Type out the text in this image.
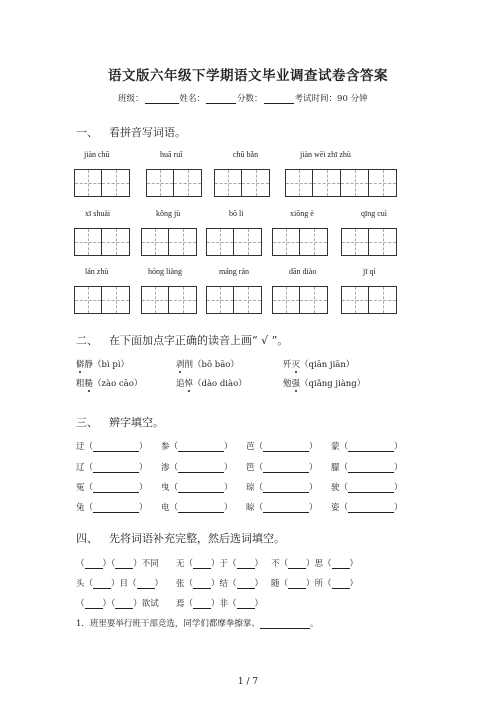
语文版六年级下学期语文毕业调查试卷含答案
班级：	姓名：	分数：	考试时间：90 分钟
一、 看拼音写词语。
jiàn chū	huā ruǐ	chū bǎn	jiàn wēi zhī zhù
xī shuài	kǒng jù	bō li	xiōng è	qīng cuì
lán zhù	hóng liàng	máng rán	dān diào	jī qì
二、 在下面加点字正确的读音上画“ √ ”。
僻静（bì pì）	剥削（bō bāo）	歼灭（qiān jiān）
粗糙（zào cāo）	追悼（dào diào）	勉强（qiǎng jiàng）
三、 辨字填空。
迂（	） 参（	） 芭（	） 蒙（	）
辽（	） 渗（	） 笆（	） 朦（	）
冤（	） 曳（	） 琼（	） 驶（	）
兔（	） 电（	） 晾（	） 姿（	）
四、 先将词语补充完整，然后选词填空。
（ ）（ ）不同 无（ ）于（ ） 不（ ）思（ ）
头（ ）目（ ） 张（ ）结（ ） 随（ ）所（ ）
（ ）（ ）欲试 焉（ ）非（ ）
1．班里要举行班干部竞选，同学们都摩拳擦掌、	。
1 / 7
